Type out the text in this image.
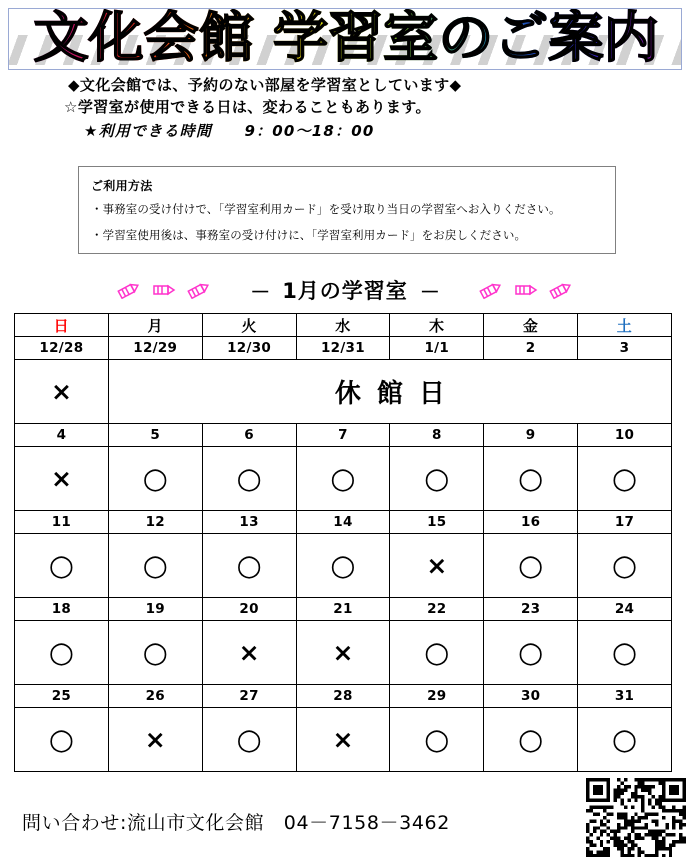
文化会館 学習室のご案内
◆文化会館では、予約のない部屋を学習室としています◆
☆学習室が使用できる日は、変わることもあります。
★利用できる時間　　9：00～18：00
ご利用方法
・事務室の受け付けで、「学習室利用カード」を受け取り当日の学習室へお入りください。
・学習室使用後は、事務室の受け付けに、「学習室利用カード」をお戻しください。
－ 1月の学習室 －
日	月	火	水	木	金	土
12/28	12/29	12/30	12/31	1/1	2	3
×	休館日					
4	5	6	7	8	9	10
×	○	○	○	○	○	○
11	12	13	14	15	16	17
○	○	○	○	×	○	○
18	19	20	21	22	23	24
○	○	×	×	○	○	○
25	26	27	28	29	30	31
○	×	○	×	○	○	○
問い合わせ:流山市文化会館　04－7158－3462
